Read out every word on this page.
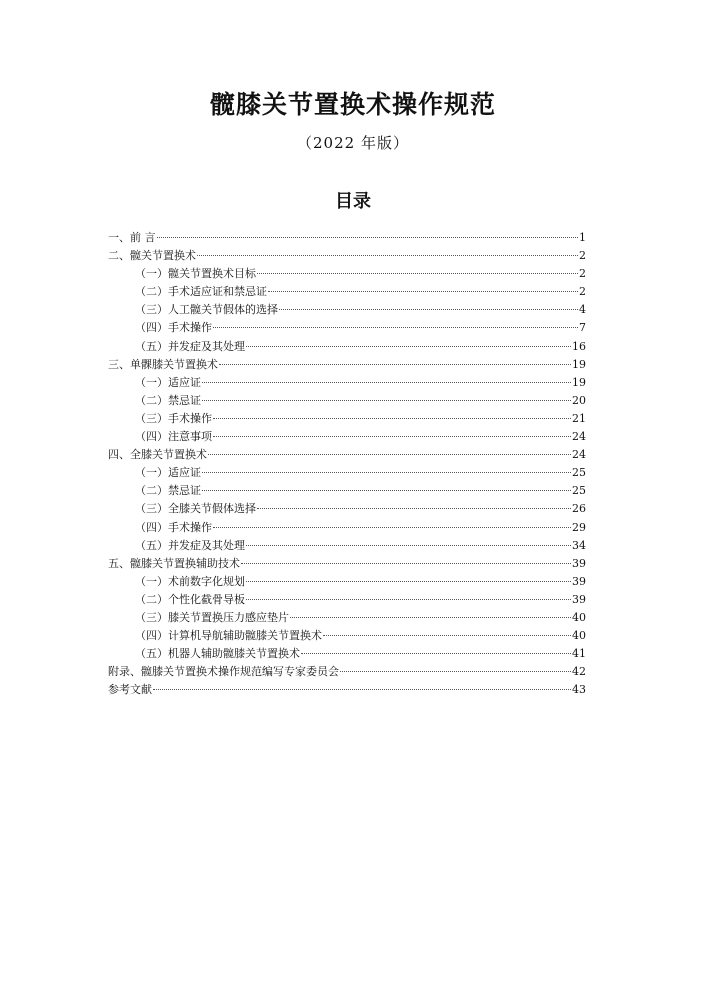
髋膝关节置换术操作规范
（2022 年版）
目录
一、前 言	1
二、髋关节置换术	2
（一）髋关节置换术目标	2
（二）手术适应证和禁忌证	2
（三）人工髋关节假体的选择	4
（四）手术操作	7
（五）并发症及其处理	16
三、单髁膝关节置换术	19
（一）适应证	19
（二）禁忌证	20
（三）手术操作	21
（四）注意事项	24
四、全膝关节置换术	24
（一）适应证	25
（二）禁忌证	25
（三）全膝关节假体选择	26
（四）手术操作	29
（五）并发症及其处理	34
五、髋膝关节置换辅助技术	39
（一）术前数字化规划	39
（二）个性化截骨导板	39
（三）膝关节置换压力感应垫片	40
（四）计算机导航辅助髋膝关节置换术	40
（五）机器人辅助髋膝关节置换术	41
附录、髋膝关节置换术操作规范编写专家委员会	42
参考文献	43
